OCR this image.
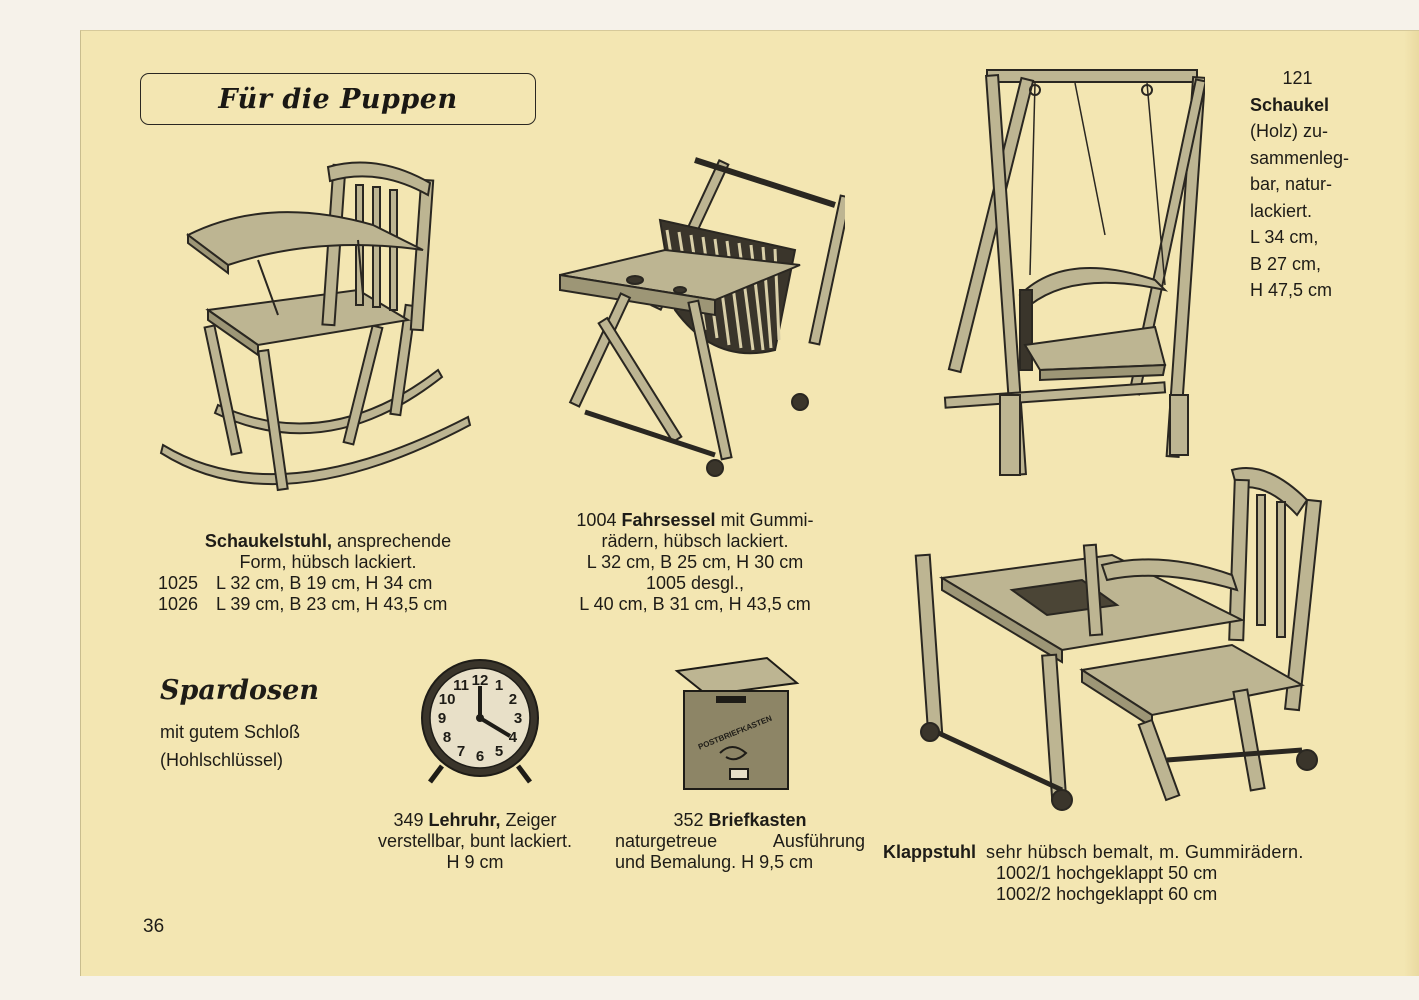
Für die Puppen
121
Schaukel
(Holz) zu-
sammenleg-
bar, natur-
lackiert.
L 34 cm,
B 27 cm,
H 47,5 cm
Schaukelstuhl, ansprechende
Form, hübsch lackiert.
1025 L 32 cm, B 19 cm, H 34 cm
1026 L 39 cm, B 23 cm, H 43,5 cm
1004 Fahrsessel mit Gummi-
rädern, hübsch lackiert.
L 32 cm, B 25 cm, H 30 cm
1005 desgl.,
L 40 cm, B 31 cm, H 43,5 cm
Spardosen
mit gutem Schloß
(Hohlschlüssel)
12 1
2
3
4
5
6
7
8
9
10
11
349 Lehruhr, Zeiger
verstellbar, bunt lackiert.
H 9 cm
POSTBRIEFKASTEN
352 Briefkasten
naturgetreue Ausführung
und Bemalung. H 9,5 cm	Klappstuhl sehr hübsch bemalt, m. Gummirädern.
1002/1 hochgeklappt 50 cm
1002/2 hochgeklappt 60 cm
36
